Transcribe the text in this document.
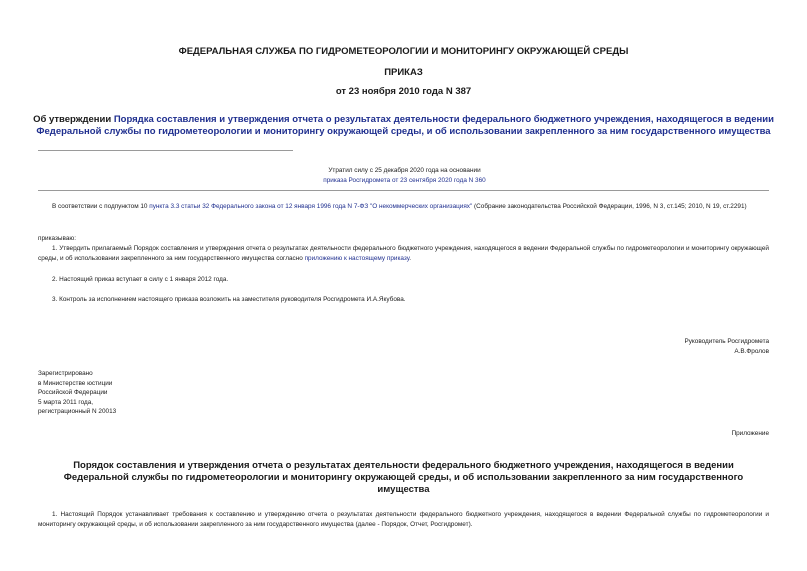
ФЕДЕРАЛЬНАЯ СЛУЖБА ПО ГИДРОМЕТЕОРОЛОГИИ И МОНИТОРИНГУ ОКРУЖАЮЩЕЙ СРЕДЫ
ПРИКАЗ
от 23 ноября 2010 года N 387
Об утверждении Порядка составления и утверждения отчета о результатах деятельности федерального бюджетного учреждения, находящегося в ведении Федеральной службы по гидрометеорологии и мониторингу окружающей среды, и об использовании закрепленного за ним государственного имущества
Утратил силу с 25 декабря 2020 года на основании
приказа Росгидромета от 23 сентября 2020 года N 360
В соответствии с подпунктом 10 пункта 3.3 статьи 32 Федерального закона от 12 января 1996 года N 7-ФЗ "О некоммерческих организациях" (Собрание законодательства Российской Федерации, 1996, N 3, ст.145; 2010, N 19, ст.2291)
приказываю:
1. Утвердить прилагаемый Порядок составления и утверждения отчета о результатах деятельности федерального бюджетного учреждения, находящегося в ведении Федеральной службы по гидрометеорологии и мониторингу окружающей среды, и об использовании закрепленного за ним государственного имущества согласно приложению к настоящему приказу.
2. Настоящий приказ вступает в силу с 1 января 2012 года.
3. Контроль за исполнением настоящего приказа возложить на заместителя руководителя Росгидромета И.А.Якубова.
Руководитель Росгидромета
А.В.Фролов
Зарегистрировано
в Министерстве юстиции
Российской Федерации
5 марта 2011 года,
регистрационный N 20013
Приложение
Порядок составления и утверждения отчета о результатах деятельности федерального бюджетного учреждения, находящегося в ведении Федеральной службы по гидрометеорологии и мониторингу окружающей среды, и об использовании закрепленного за ним государственного имущества
1. Настоящий Порядок устанавливает требования к составлению и утверждению отчета о результатах деятельности федерального бюджетного учреждения, находящегося в ведении Федеральной службы по гидрометеорологии и мониторингу окружающей среды, и об использовании закрепленного за ним государственного имущества (далее - Порядок, Отчет, Росгидромет).
